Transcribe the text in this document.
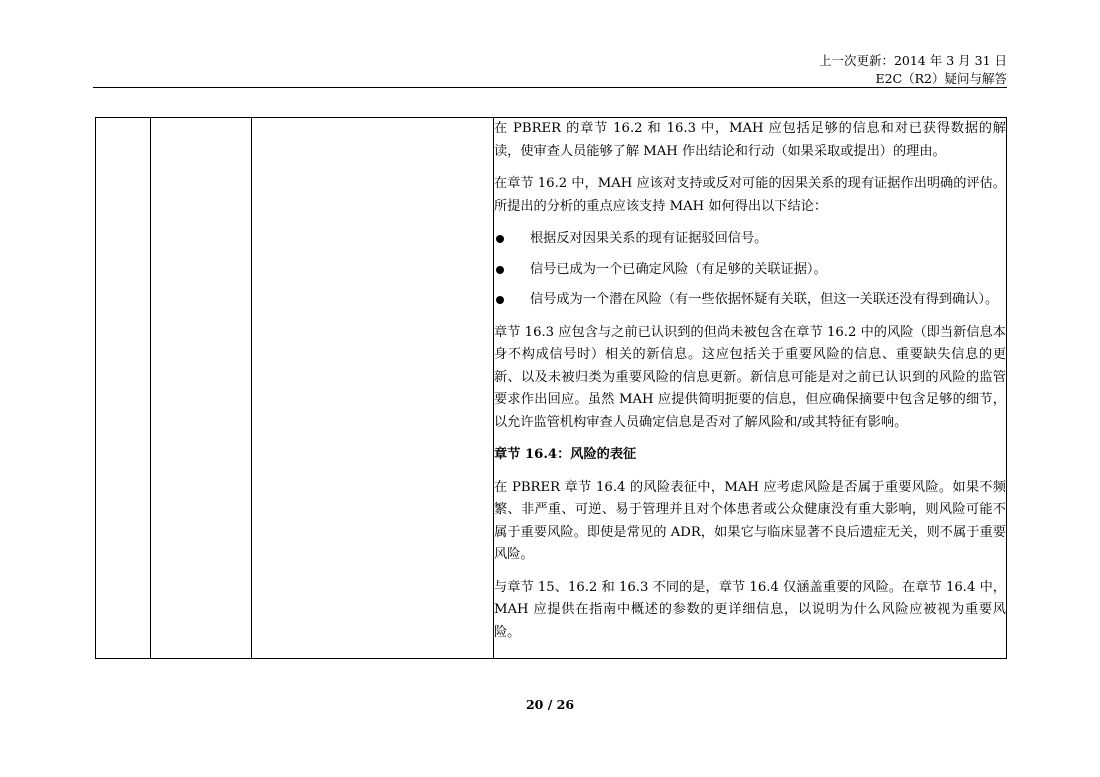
上一次更新：2014 年 3 月 31 日
E2C（R2）疑问与解答

在 PBRER 的章节 16.2 和 16.3 中，MAH 应包括足够的信息和对已获得数据的解读，使审查人员能够了解 MAH 作出结论和行动（如果采取或提出）的理由。

在章节 16.2 中，MAH 应该对支持或反对可能的因果关系的现有证据作出明确的评估。所提出的分析的重点应该支持 MAH 如何得出以下结论：

根据反对因果关系的现有证据驳回信号。
信号已成为一个已确定风险（有足够的关联证据）。
信号成为一个潜在风险（有一些依据怀疑有关联，但这一关联还没有得到确认）。

章节 16.3 应包含与之前已认识到的但尚未被包含在章节 16.2 中的风险（即当新信息本身不构成信号时）相关的新信息。这应包括关于重要风险的信息、重要缺失信息的更新、以及未被归类为重要风险的信息更新。新信息可能是对之前已认识到的风险的监管要求作出回应。虽然 MAH 应提供简明扼要的信息，但应确保摘要中包含足够的细节，以允许监管机构审查人员确定信息是否对了解风险和/或其特征有影响。

章节 16.4：风险的表征

在 PBRER 章节 16.4 的风险表征中，MAH 应考虑风险是否属于重要风险。如果不频繁、非严重、可逆、易于管理并且对个体患者或公众健康没有重大影响，则风险可能不属于重要风险。即使是常见的 ADR，如果它与临床显著不良后遗症无关，则不属于重要风险。

与章节 15、16.2 和 16.3 不同的是，章节 16.4 仅涵盖重要的风险。在章节 16.4 中，MAH 应提供在指南中概述的参数的更详细信息，以说明为什么风险应被视为重要风险。

20 / 26
